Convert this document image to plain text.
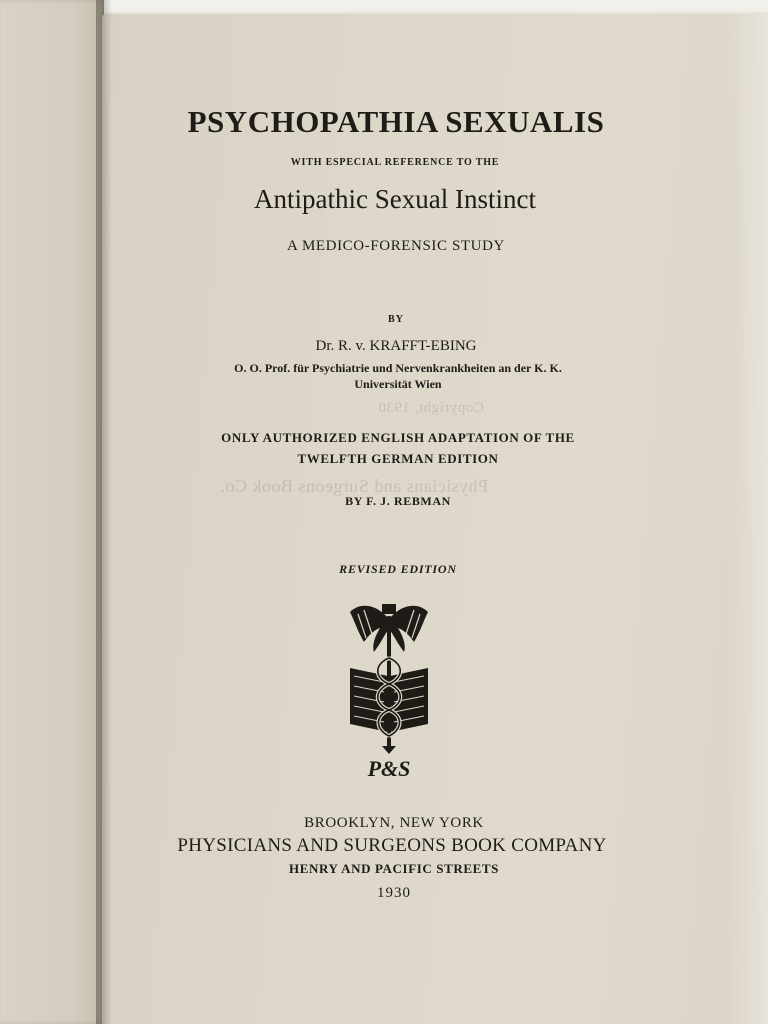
Copyright, 1930
Physicians and Surgeons Book Co.
PSYCHOPATHIA SEXUALIS
WITH ESPECIAL REFERENCE TO THE
Antipathic Sexual Instinct
A MEDICO-FORENSIC STUDY
BY
Dr. R. v. KRAFFT-EBING
O. O. Prof. für Psychiatrie und Nervenkrankheiten an der K. K.
Universität Wien
ONLY AUTHORIZED ENGLISH ADAPTATION OF THE
TWELFTH GERMAN EDITION
BY F. J. REBMAN
REVISED EDITION
P&S
BROOKLYN, NEW YORK
PHYSICIANS AND SURGEONS BOOK COMPANY
HENRY AND PACIFIC STREETS
1930
